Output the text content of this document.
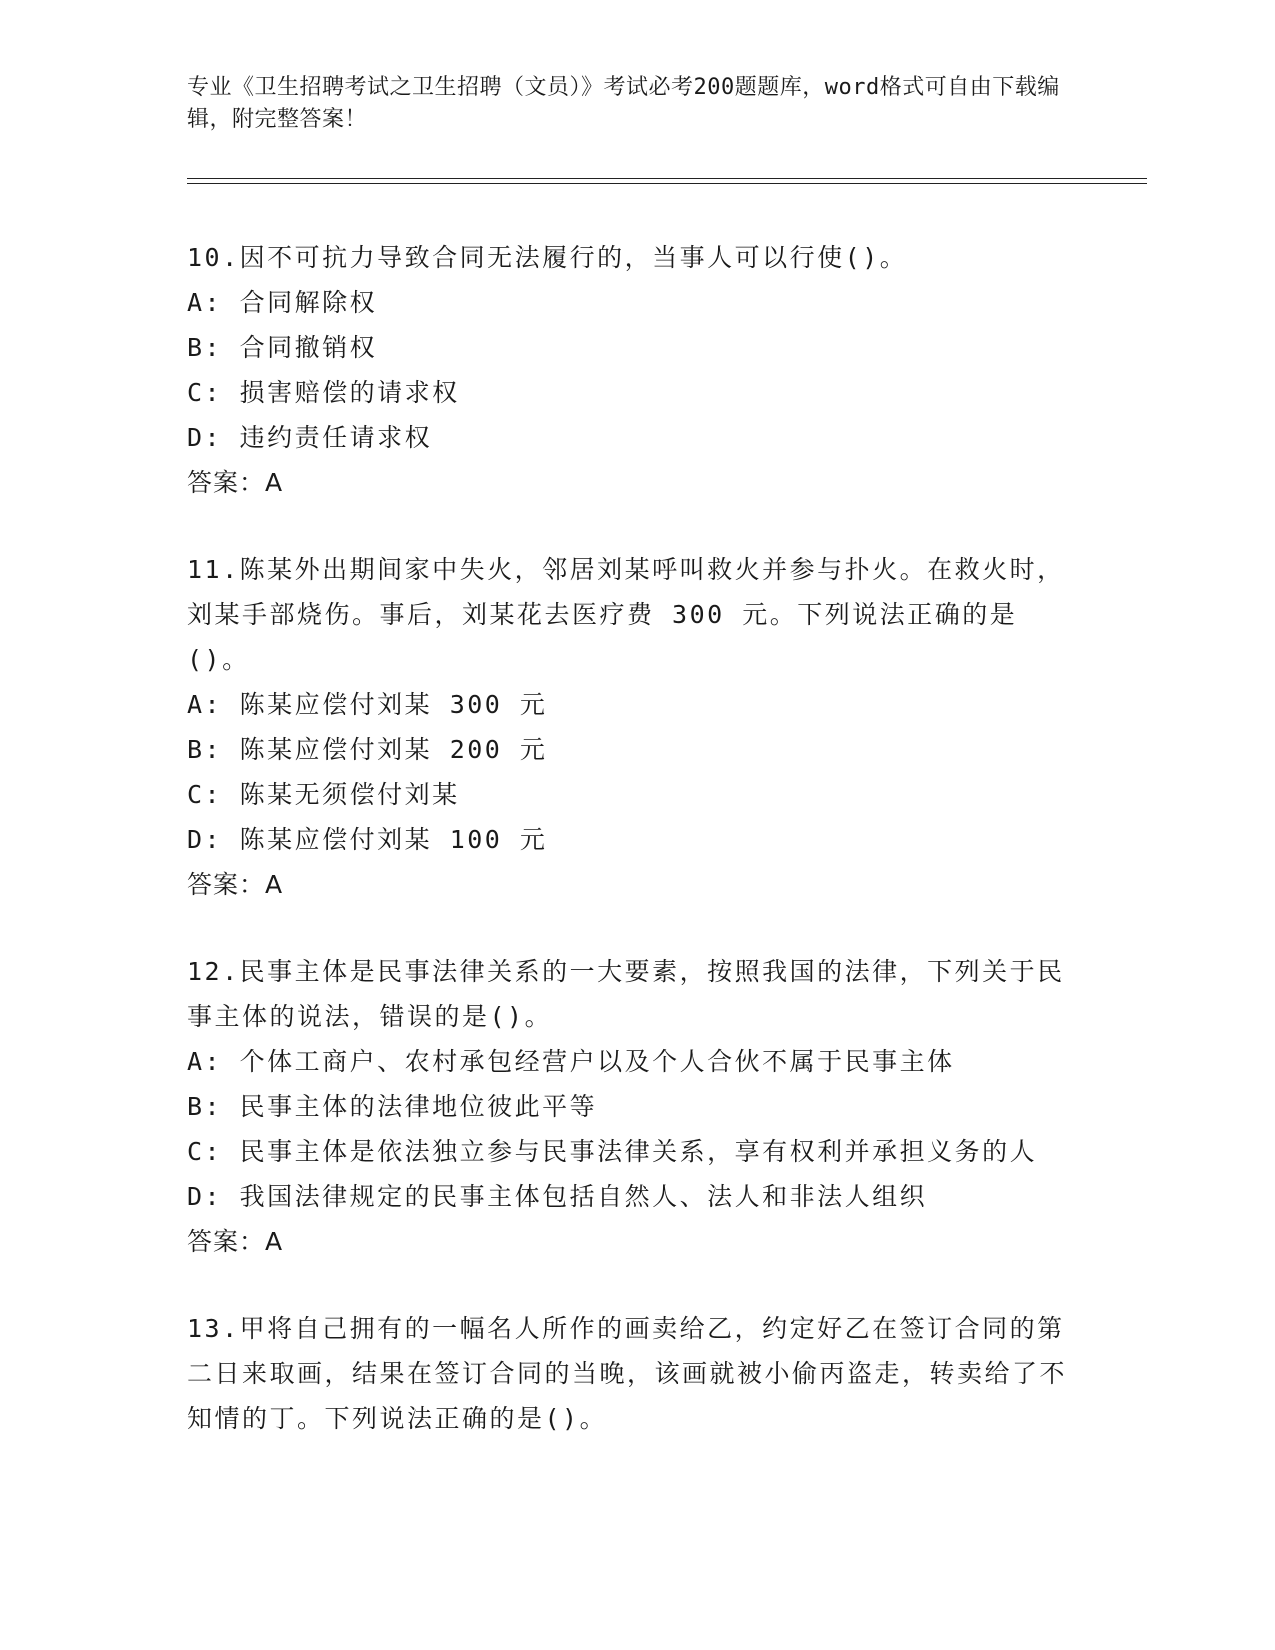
专业《卫生招聘考试之卫生招聘（文员）》考试必考200题题库，word格式可自由下载编辑，附完整答案！

10.因不可抗力导致合同无法履行的，当事人可以行使()。

A: 合同解除权

B: 合同撤销权

C: 损害赔偿的请求权

D: 违约责任请求权

答案：A

11.陈某外出期间家中失火，邻居刘某呼叫救火并参与扑火。在救火时，刘某手部烧伤。事后，刘某花去医疗费 300 元。下列说法正确的是()。

A: 陈某应偿付刘某 300 元

B: 陈某应偿付刘某 200 元

C: 陈某无须偿付刘某

D: 陈某应偿付刘某 100 元

答案：A

12.民事主体是民事法律关系的一大要素，按照我国的法律，下列关于民事主体的说法，错误的是()。

A: 个体工商户、农村承包经营户以及个人合伙不属于民事主体

B: 民事主体的法律地位彼此平等

C: 民事主体是依法独立参与民事法律关系，享有权利并承担义务的人

D: 我国法律规定的民事主体包括自然人、法人和非法人组织

答案：A

13.甲将自己拥有的一幅名人所作的画卖给乙，约定好乙在签订合同的第二日来取画，结果在签订合同的当晚，该画就被小偷丙盗走，转卖给了不知情的丁。下列说法正确的是()。
